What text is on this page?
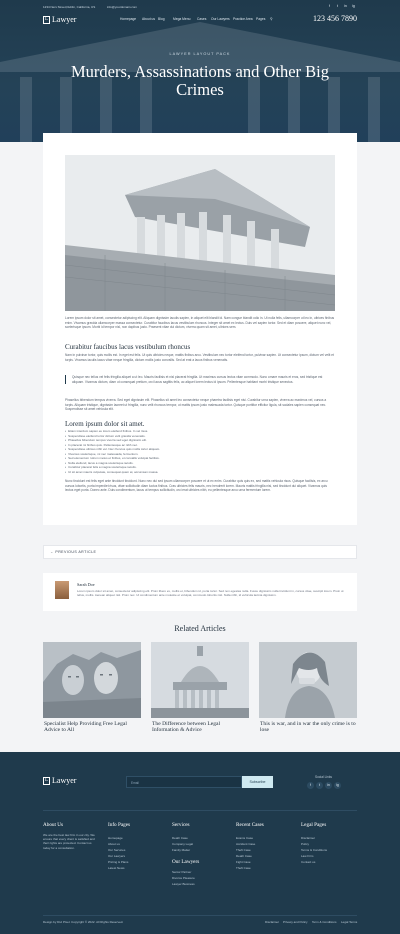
1234 Ners Street,Dublin, California, US	info@yourdomain.com	f	t	in	ig
L Lawyer	Homepage About us Blog	Mega Menu Cases Our Lawyers Practice Area Pages ⚲	123 456 7890
LAWYER LAYOUT PACK
Murders, Assassinations and Other Big Crimes
Lorem ipsum dolor sit amet, consectetur adipiscing elit. Aliquam dignissim iaculis sapien, in aliquet elit blandit id. Nam congue blandit odio in. Ut nulla felis, ullamcorper ut leo in, ultrices finibus enim. Vivamus gravida ullamcorper massa consectetur. Curabitur faucibus lacus vestibulum rhoncus. Integer sit amet ex lectus. Duis vel sapien tortor. Sed et diam posuere, aliquet nunc vel, scelerisque ipsum. Morbi id tempor nisl, non dapibus justo. Praesent vitae dui dictum, viverra quam sit amet, ultrices sem.
Curabitur faucibus lacus vestibulum rhoncus
Nam in pulvinar tortor, quis mollis est. In eget est felis. Ut quis ultricies neque, mattis finibus arcu. Vestibulum nec tortor eleifend tortor, pulvinar sapien. Ut consectetur ipsum, dictum vel velit et turpis. Vivamus iaculis lacus vitae neque fringilla, dictum mollis justo convallis. Sed at erat a lacus finibus venenatis.
Quisque nec tellus vel felis fringilla aliquet a ut leo. Mauris facilisis et nisl placerat fringilla. Ut maximus cursus lectus vitae commodo. Nunc ornare mauris et eros, sed tristique est aliquam. Vivamus dictum, diam ut consequat pretium, orci lacus sagittis felis, ac aliquet lorem lectus id ipsum. Pellentesque habitant morbi tristique senectus.
Phasellus bibendum tempus viverra. Sed eget dignissim elit. Phasellus sit amet leo consectetur neque pharetra facilisis eget nisi. Curabitur urna sapien, viverra ac maximus vel, cursus a turpis. Aliquam tristique, dignissim laoreet ut fringilla, nunc velit rhoncus tempor, ut mattis ipsum justo malesuada tortor. Quisque porttitor efficitur ligula, sit sodales sapien consequat nec. Suspendisse sit amet vehicula elit.
Lorem ipsum dolor sit amet.
• Etiam interdum sapien eu lorem eleifend finibus. In vel risus.
• Suspendisse eleifend tortor dictum velit gravida venenatis.
• Phasellus bibendum tempus viverra sed eget dignissim elit.
• In placerat mi finibus quis. Pellentesque ac nibh nec.
• Suspendisse ultrices nibh vel. Nec rhoncus quis mollis tortor aliquam.
• Vivamus scelerisque, mi nec malesuada, fermentum.
• Sed elementum rutrum metus et finibus, et convallis volutpat facilisis.
• Nulla eleifend, lacus a magna scelerisque iaculis.
• Curabitur placerat felis a magna scelerisque iaculis.
• Ut sit amet mauris vulputate, consequat quam at, accumsan massa.
Nunc tincidunt est felis eget ante tincidunt tincidunt. Nunc nec dui sed ipsum ullamcorper posuere et ut ex enim. Curabitur quis quis ex, sed mattis vehicula risus. Quisque facilisis, ex arcu cursus lobortis, porta imperdiet risus, vitae sollicitudin diam luctus finibus. Cras ultricies felis mauris, nec hendrerit lorem. Mauris mattis fringilla nisi, sed tincidunt dui aliquet. Vivamus quis lectus eget porta. Donec ante. Duis condimentum, lacus ut tempus sollicitudin, orci erat ultricies nibh, eu pellentesque arcu urna fermentum lorem.
← PREVIOUS ARTICLE
Sarah Doe
Lorem ipsum dolor sit amet, consectetur adipiscing elit. Proin libero ex, mollis et, bibendum id, porta tortor. Sed non egestas nulla. Fusce dignissim nulla tincidunt in, cursus vitae, suscipit lorem. Proin ut tellus, mollis. Aenean aliquet nisl. Proin nec. Ut condimentum ante molestie et volutpat, commodo lobortis nisl. Nulla nibh, id vehicula lacinia dignissim.
Related Articles
Specialist Help Providing Free Legal Advice to All
The Difference between Legal Information & Advice
This is war, and in war the only crime is to lose
L Lawyer	Email	Subscribe
Social Links
f	t	in	ig
About Us
We are the best law firm in our city. We ensure that every client is satisfied and their rights are protected. Contact us today for a consultation.
Info Pages
Homepage
About us
Our Services
Our Lawyers
Pricing & Plans
Latest News
Services
Death Case
Company Legal
Family Matter
Our Lawyers
Senior Partner
Divorce Pleasure
Lawyer Business
Recent Cases
Exams Case
Accident Case
Theft Case
Death Case
Fight Case
Theft Case
Legal Pages
Disclaimer
Policy
Terms & Conditions
Law Firm
Contact us
Design by Divi Pixel. Copyright © 2022. All Rights Reserved.	Disclaimer Privacy and Policy Term & Conditions Legal Terms
